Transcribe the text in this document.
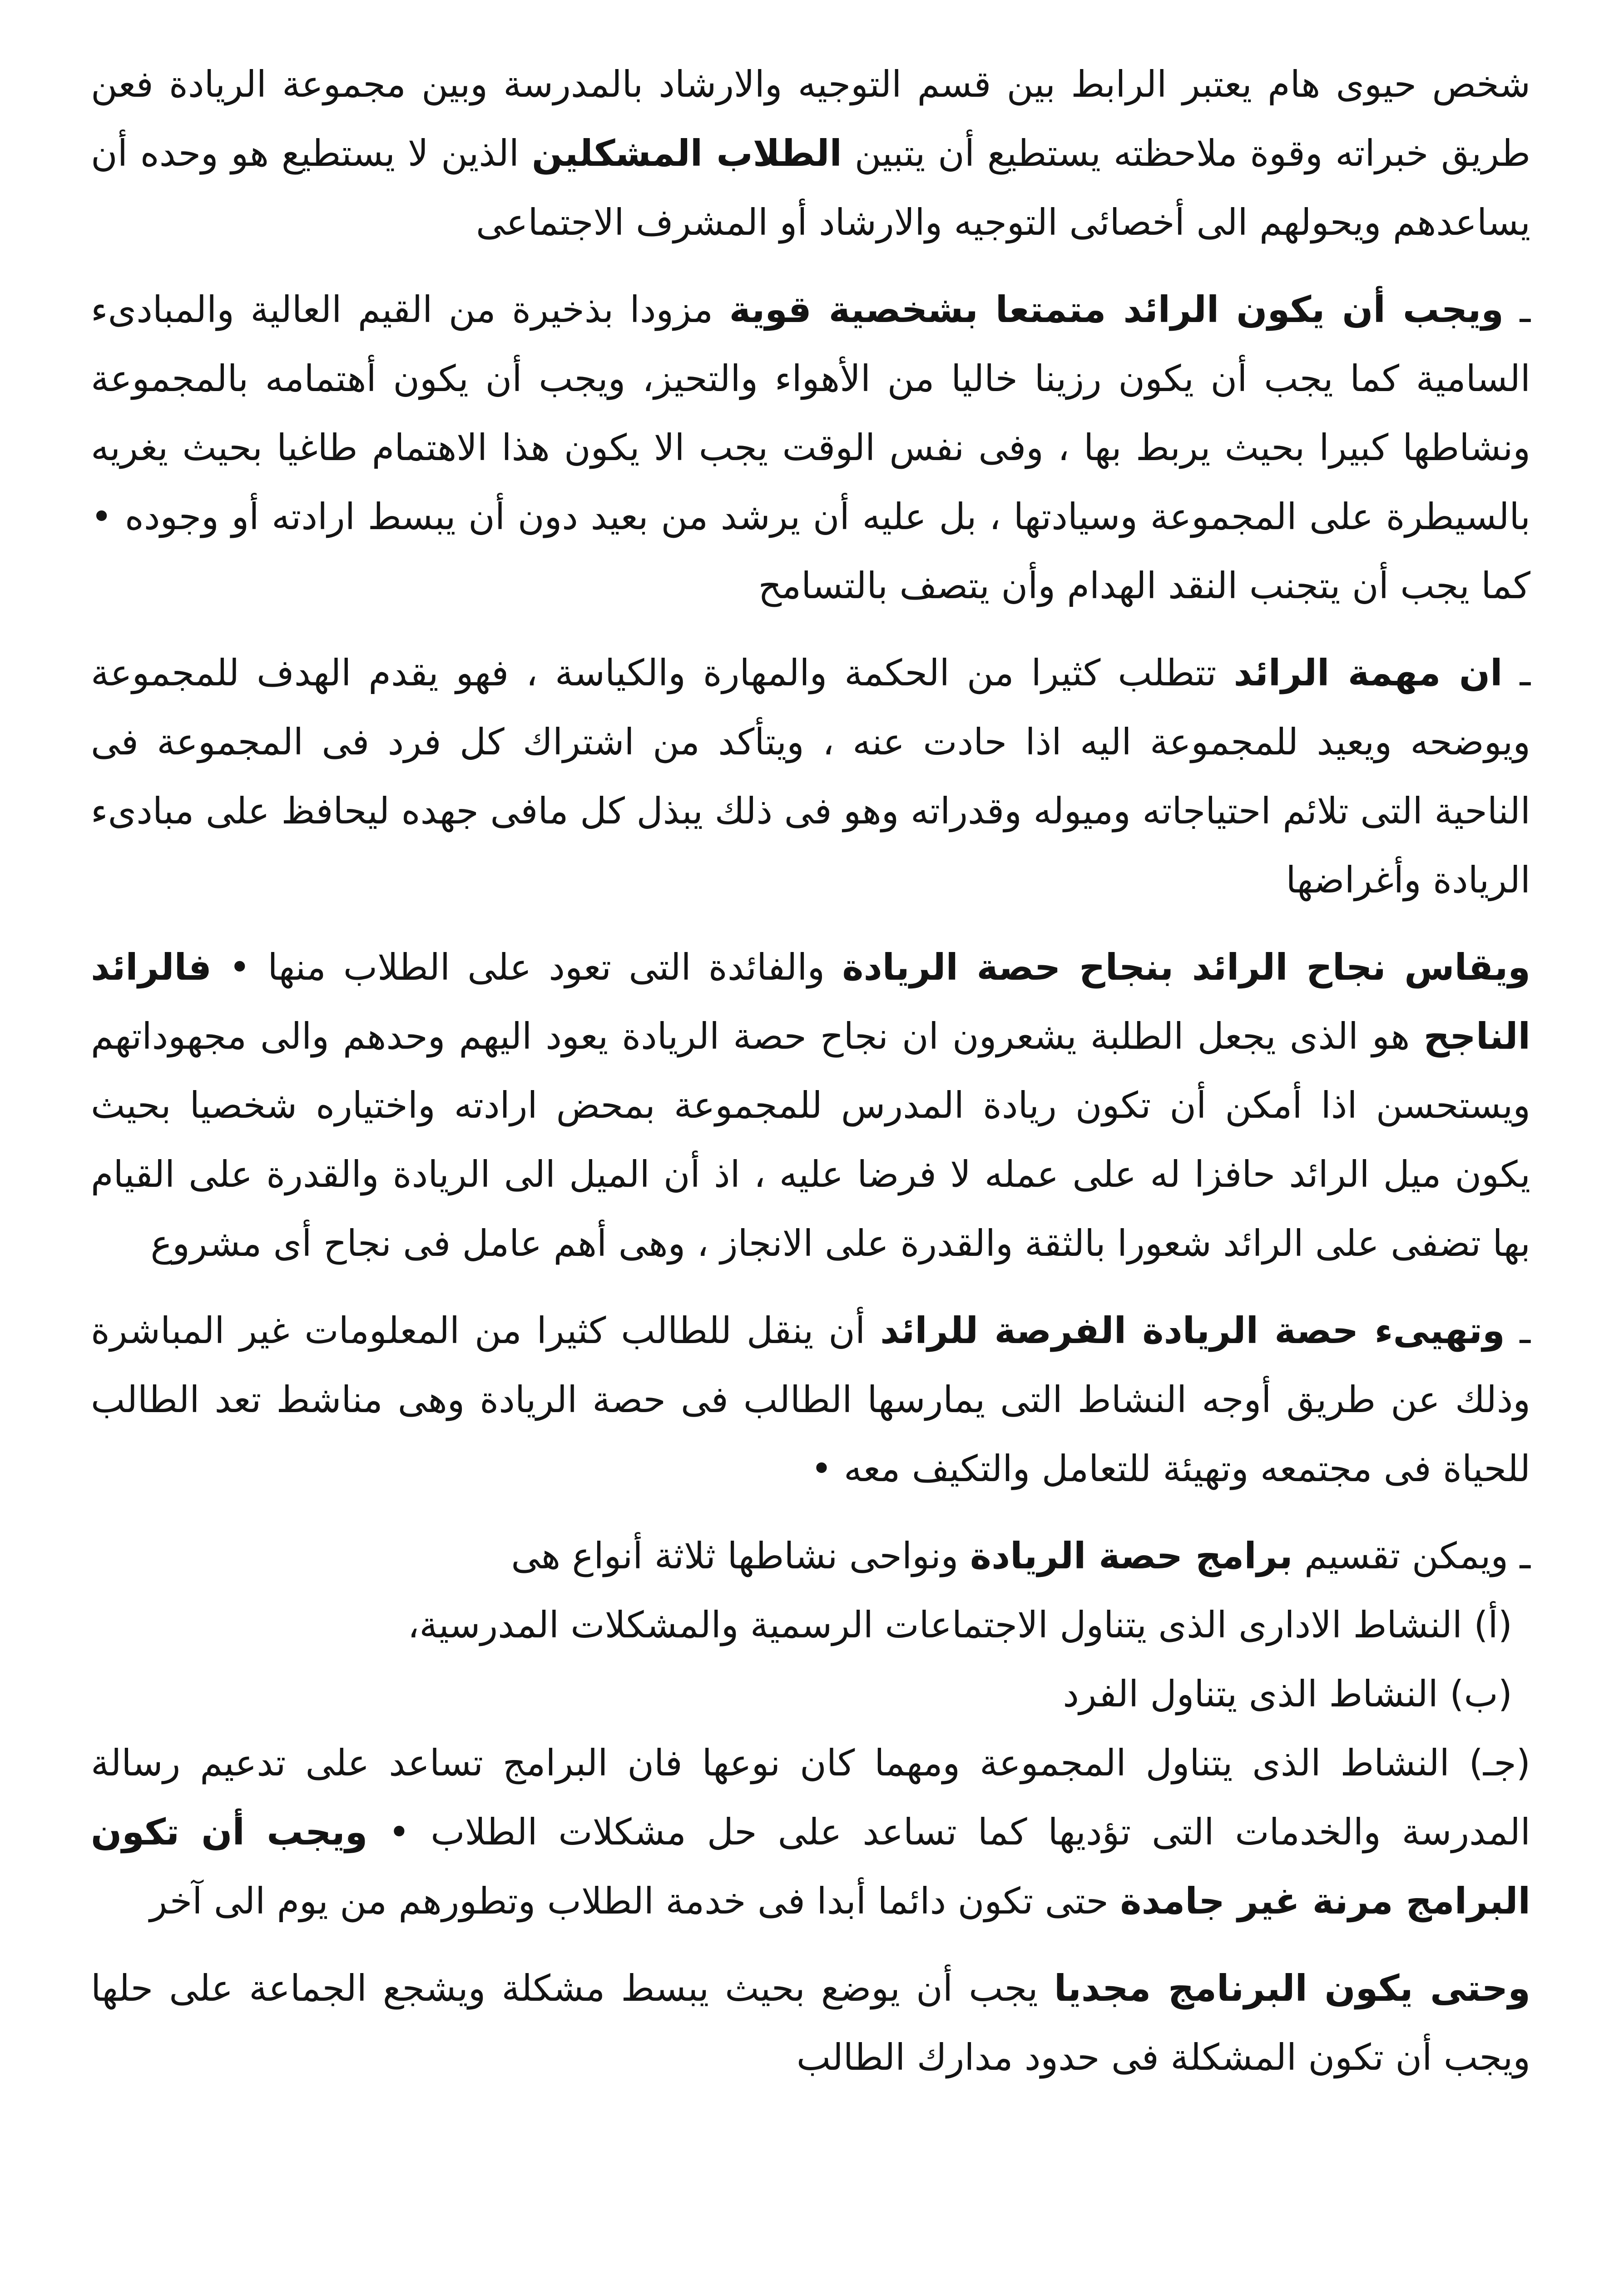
شخص حيوى هام يعتبر الرابط بين قسم التوجيه والارشاد بالمدرسة وبين مجموعة الريادة فعن طريق خبراته وقوة ملاحظته يستطيع أن يتبين الطلاب المشكلين الذين لا يستطيع هو وحده أن يساعدهم ويحولهم الى أخصائى التوجيه والارشاد أو المشرف الاجتماعى

ـ ويجب أن يكون الرائد متمتعا بشخصية قوية مزودا بذخيرة من القيم العالية والمبادىء السامية كما يجب أن يكون رزينا خاليا من الأهواء والتحيز، ويجب أن يكون أهتمامه بالمجموعة ونشاطها كبيرا بحيث يربط بها ، وفى نفس الوقت يجب الا يكون هذا الاهتمام طاغيا بحيث يغريه بالسيطرة على المجموعة وسيادتها ، بل عليه أن يرشد من بعيد دون أن يبسط ارادته أو وجوده • كما يجب أن يتجنب النقد الهدام وأن يتصف بالتسامح

ـ ان مهمة الرائد تتطلب كثيرا من الحكمة والمهارة والكياسة ، فهو يقدم الهدف للمجموعة ويوضحه ويعيد للمجموعة اليه اذا حادت عنه ، ويتأكد من اشتراك كل فرد فى المجموعة فى الناحية التى تلائم احتياجاته وميوله وقدراته وهو فى ذلك يبذل كل مافى جهده ليحافظ على مبادىء الريادة وأغراضها

ويقاس نجاح الرائد بنجاح حصة الريادة والفائدة التى تعود على الطلاب منها • فالرائد الناجح هو الذى يجعل الطلبة يشعرون ان نجاح حصة الريادة يعود اليهم وحدهم والى مجهوداتهم ويستحسن اذا أمكن أن تكون ريادة المدرس للمجموعة بمحض ارادته واختياره شخصيا بحيث يكون ميل الرائد حافزا له على عمله لا فرضا عليه ، اذ أن الميل الى الريادة والقدرة على القيام بها تضفى على الرائد شعورا بالثقة والقدرة على الانجاز ، وهى أهم عامل فى نجاح أى مشروع

ـ وتهيىء حصة الريادة الفرصة للرائد أن ينقل للطالب كثيرا من المعلومات غير المباشرة وذلك عن طريق أوجه النشاط التى يمارسها الطالب فى حصة الريادة وهى مناشط تعد الطالب للحياة فى مجتمعه وتهيئة للتعامل والتكيف معه •

ـ ويمكن تقسيم برامج حصة الريادة ونواحى نشاطها ثلاثة أنواع هى

(أ) النشاط الادارى الذى يتناول الاجتماعات الرسمية والمشكلات المدرسية،

(ب) النشاط الذى يتناول الفرد

(جـ) النشاط الذى يتناول المجموعة ومهما كان نوعها فان البرامج تساعد على تدعيم رسالة المدرسة والخدمات التى تؤديها كما تساعد على حل مشكلات الطلاب • ويجب أن تكون البرامج مرنة غير جامدة حتى تكون دائما أبدا فى خدمة الطلاب وتطورهم من يوم الى آخر

وحتى يكون البرنامج مجديا يجب أن يوضع بحيث يبسط مشكلة ويشجع الجماعة على حلها ويجب أن تكون المشكلة فى حدود مدارك الطالب
